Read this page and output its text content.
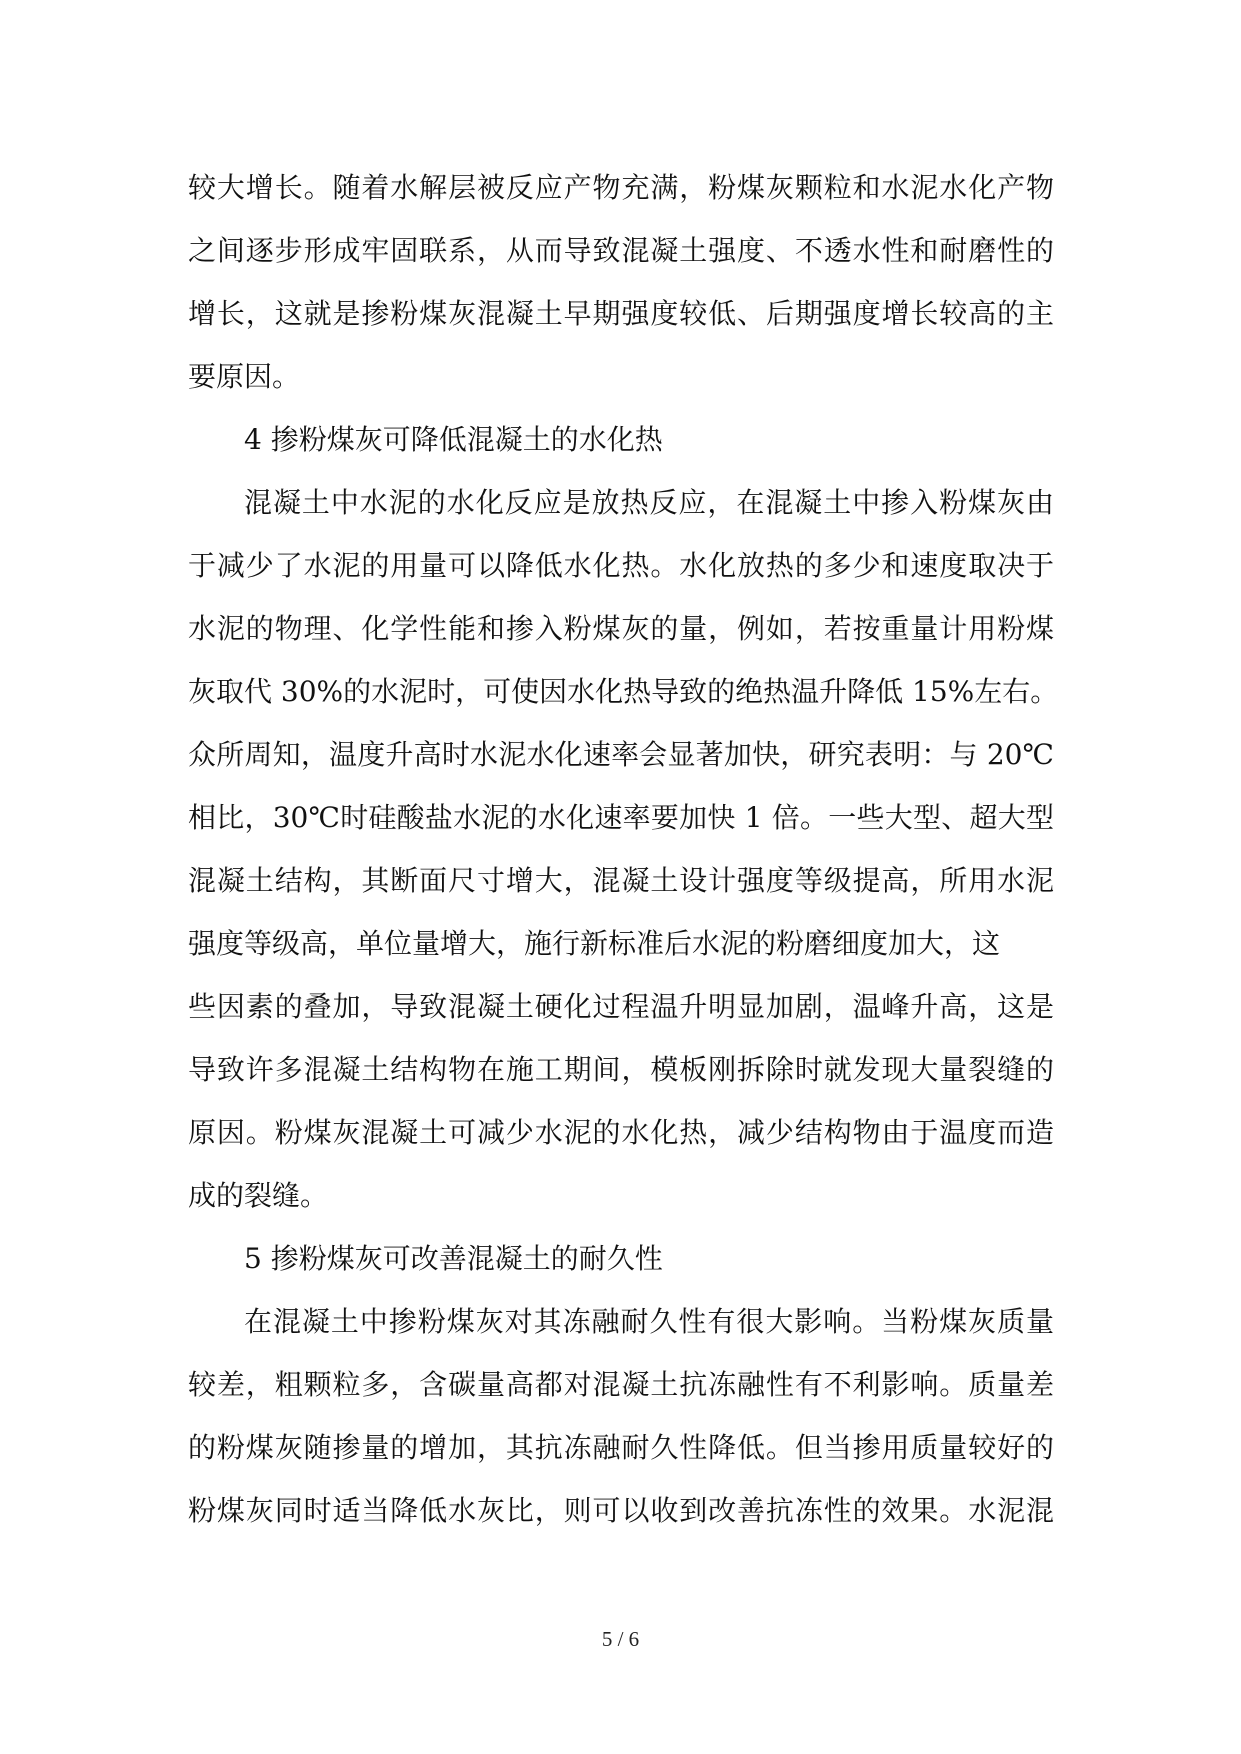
较大增长。随着水解层被反应产物充满，粉煤灰颗粒和水泥水化产物
之间逐步形成牢固联系，从而导致混凝土强度、不透水性和耐磨性的
增长，这就是掺粉煤灰混凝土早期强度较低、后期强度增长较高的主
要原因。
4 掺粉煤灰可降低混凝土的水化热
混凝土中水泥的水化反应是放热反应，在混凝土中掺入粉煤灰由
于减少了水泥的用量可以降低水化热。水化放热的多少和速度取决于
水泥的物理、化学性能和掺入粉煤灰的量，例如，若按重量计用粉煤
灰取代 30%的水泥时，可使因水化热导致的绝热温升降低 15%左右。
众所周知，温度升高时水泥水化速率会显著加快，研究表明：与 20℃
相比，30℃时硅酸盐水泥的水化速率要加快 1 倍。一些大型、超大型
混凝土结构，其断面尺寸增大，混凝土设计强度等级提高，所用水泥
强度等级高，单位量增大，施行新标准后水泥的粉磨细度加大，这
些因素的叠加，导致混凝土硬化过程温升明显加剧，温峰升高，这是
导致许多混凝土结构物在施工期间，模板刚拆除时就发现大量裂缝的
原因。粉煤灰混凝土可减少水泥的水化热，减少结构物由于温度而造
成的裂缝。
5 掺粉煤灰可改善混凝土的耐久性
在混凝土中掺粉煤灰对其冻融耐久性有很大影响。当粉煤灰质量
较差，粗颗粒多，含碳量高都对混凝土抗冻融性有不利影响。质量差
的粉煤灰随掺量的增加，其抗冻融耐久性降低。但当掺用质量较好的
粉煤灰同时适当降低水灰比，则可以收到改善抗冻性的效果。水泥混
5 / 6
